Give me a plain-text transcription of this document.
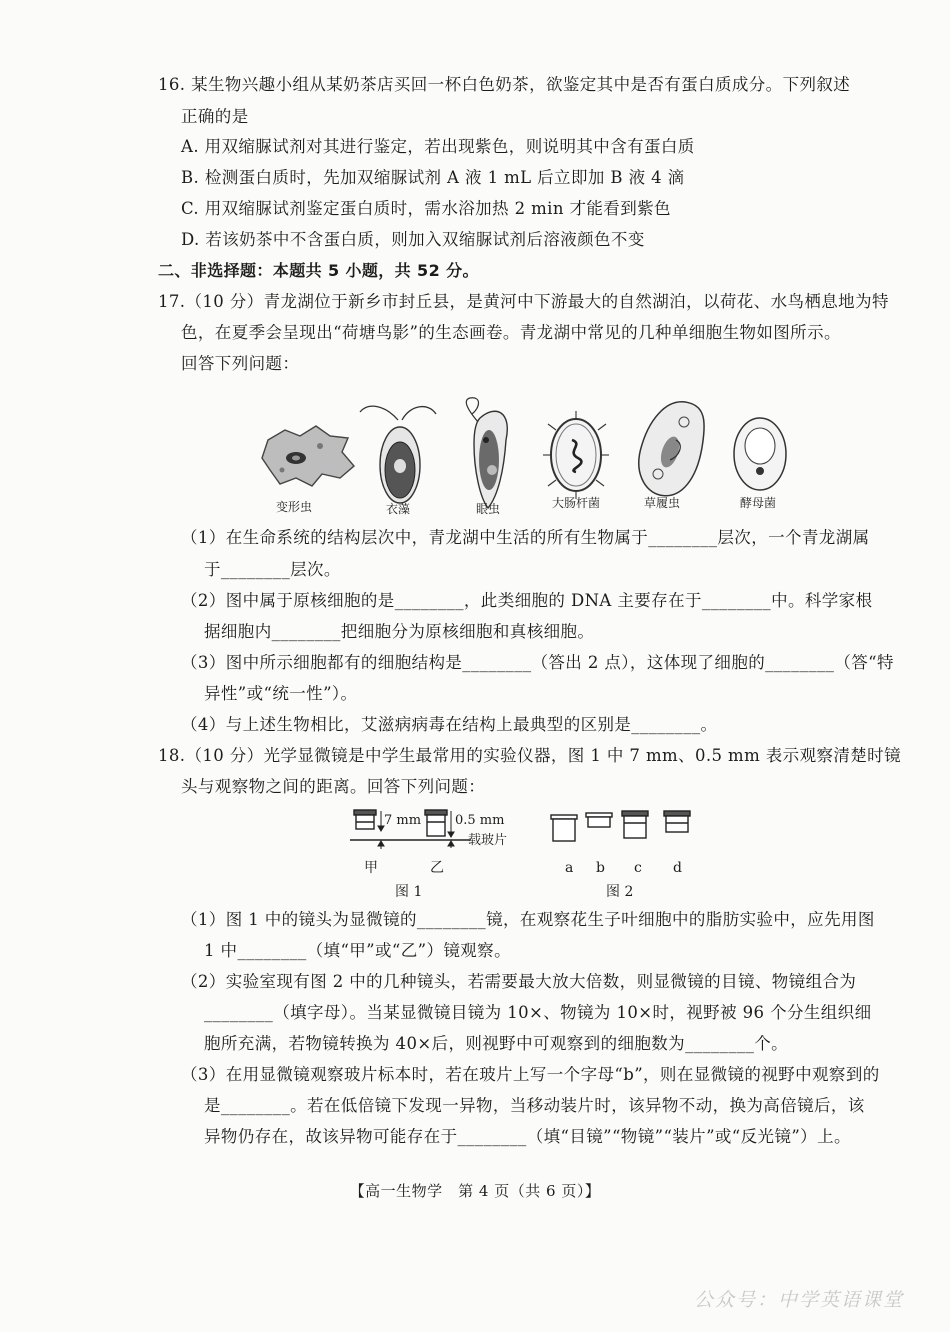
16. 某生物兴趣小组从某奶茶店买回一杯白色奶茶，欲鉴定其中是否有蛋白质成分。下列叙述
正确的是
A. 用双缩脲试剂对其进行鉴定，若出现紫色，则说明其中含有蛋白质
B. 检测蛋白质时，先加双缩脲试剂 A 液 1 mL 后立即加 B 液 4 滴
C. 用双缩脲试剂鉴定蛋白质时，需水浴加热 2 min 才能看到紫色
D. 若该奶茶中不含蛋白质，则加入双缩脲试剂后溶液颜色不变
二、非选择题：本题共 5 小题，共 52 分。
17.（10 分）青龙湖位于新乡市封丘县，是黄河中下游最大的自然湖泊，以荷花、水鸟栖息地为特
色，在夏季会呈现出“荷塘鸟影”的生态画卷。青龙湖中常见的几种单细胞生物如图所示。
回答下列问题：
变形虫	衣藻	眼虫	大肠杆菌	草履虫	酵母菌
（1）在生命系统的结构层次中，青龙湖中生活的所有生物属于________层次，一个青龙湖属
于________层次。
（2）图中属于原核细胞的是________，此类细胞的 DNA 主要存在于________中。科学家根
据细胞内________把细胞分为原核细胞和真核细胞。
（3）图中所示细胞都有的细胞结构是________（答出 2 点），这体现了细胞的________（答“特
异性”或“统一性”）。
（4）与上述生物相比，艾滋病病毒在结构上最典型的区别是________。
18.（10 分）光学显微镜是中学生最常用的实验仪器，图 1 中 7 mm、0.5 mm 表示观察清楚时镜
头与观察物之间的距离。回答下列问题：
7 mm	0.5 mm
载玻片
甲	乙
图 1
a b c d
图 2
（1）图 1 中的镜头为显微镜的________镜，在观察花生子叶细胞中的脂肪实验中，应先用图
1 中________（填“甲”或“乙”）镜观察。
（2）实验室现有图 2 中的几种镜头，若需要最大放大倍数，则显微镜的目镜、物镜组合为
________（填字母）。当某显微镜目镜为 10×、物镜为 10×时，视野被 96 个分生组织细
胞所充满，若物镜转换为 40×后，则视野中可观察到的细胞数为________个。
（3）在用显微镜观察玻片标本时，若在玻片上写一个字母“b”，则在显微镜的视野中观察到的
是________。若在低倍镜下发现一异物，当移动装片时，该异物不动，换为高倍镜后，该
异物仍存在，故该异物可能存在于________（填“目镜”“物镜”“装片”或“反光镜”）上。
【高一生物学　第 4 页（共 6 页）】
公众号：中学英语课堂
